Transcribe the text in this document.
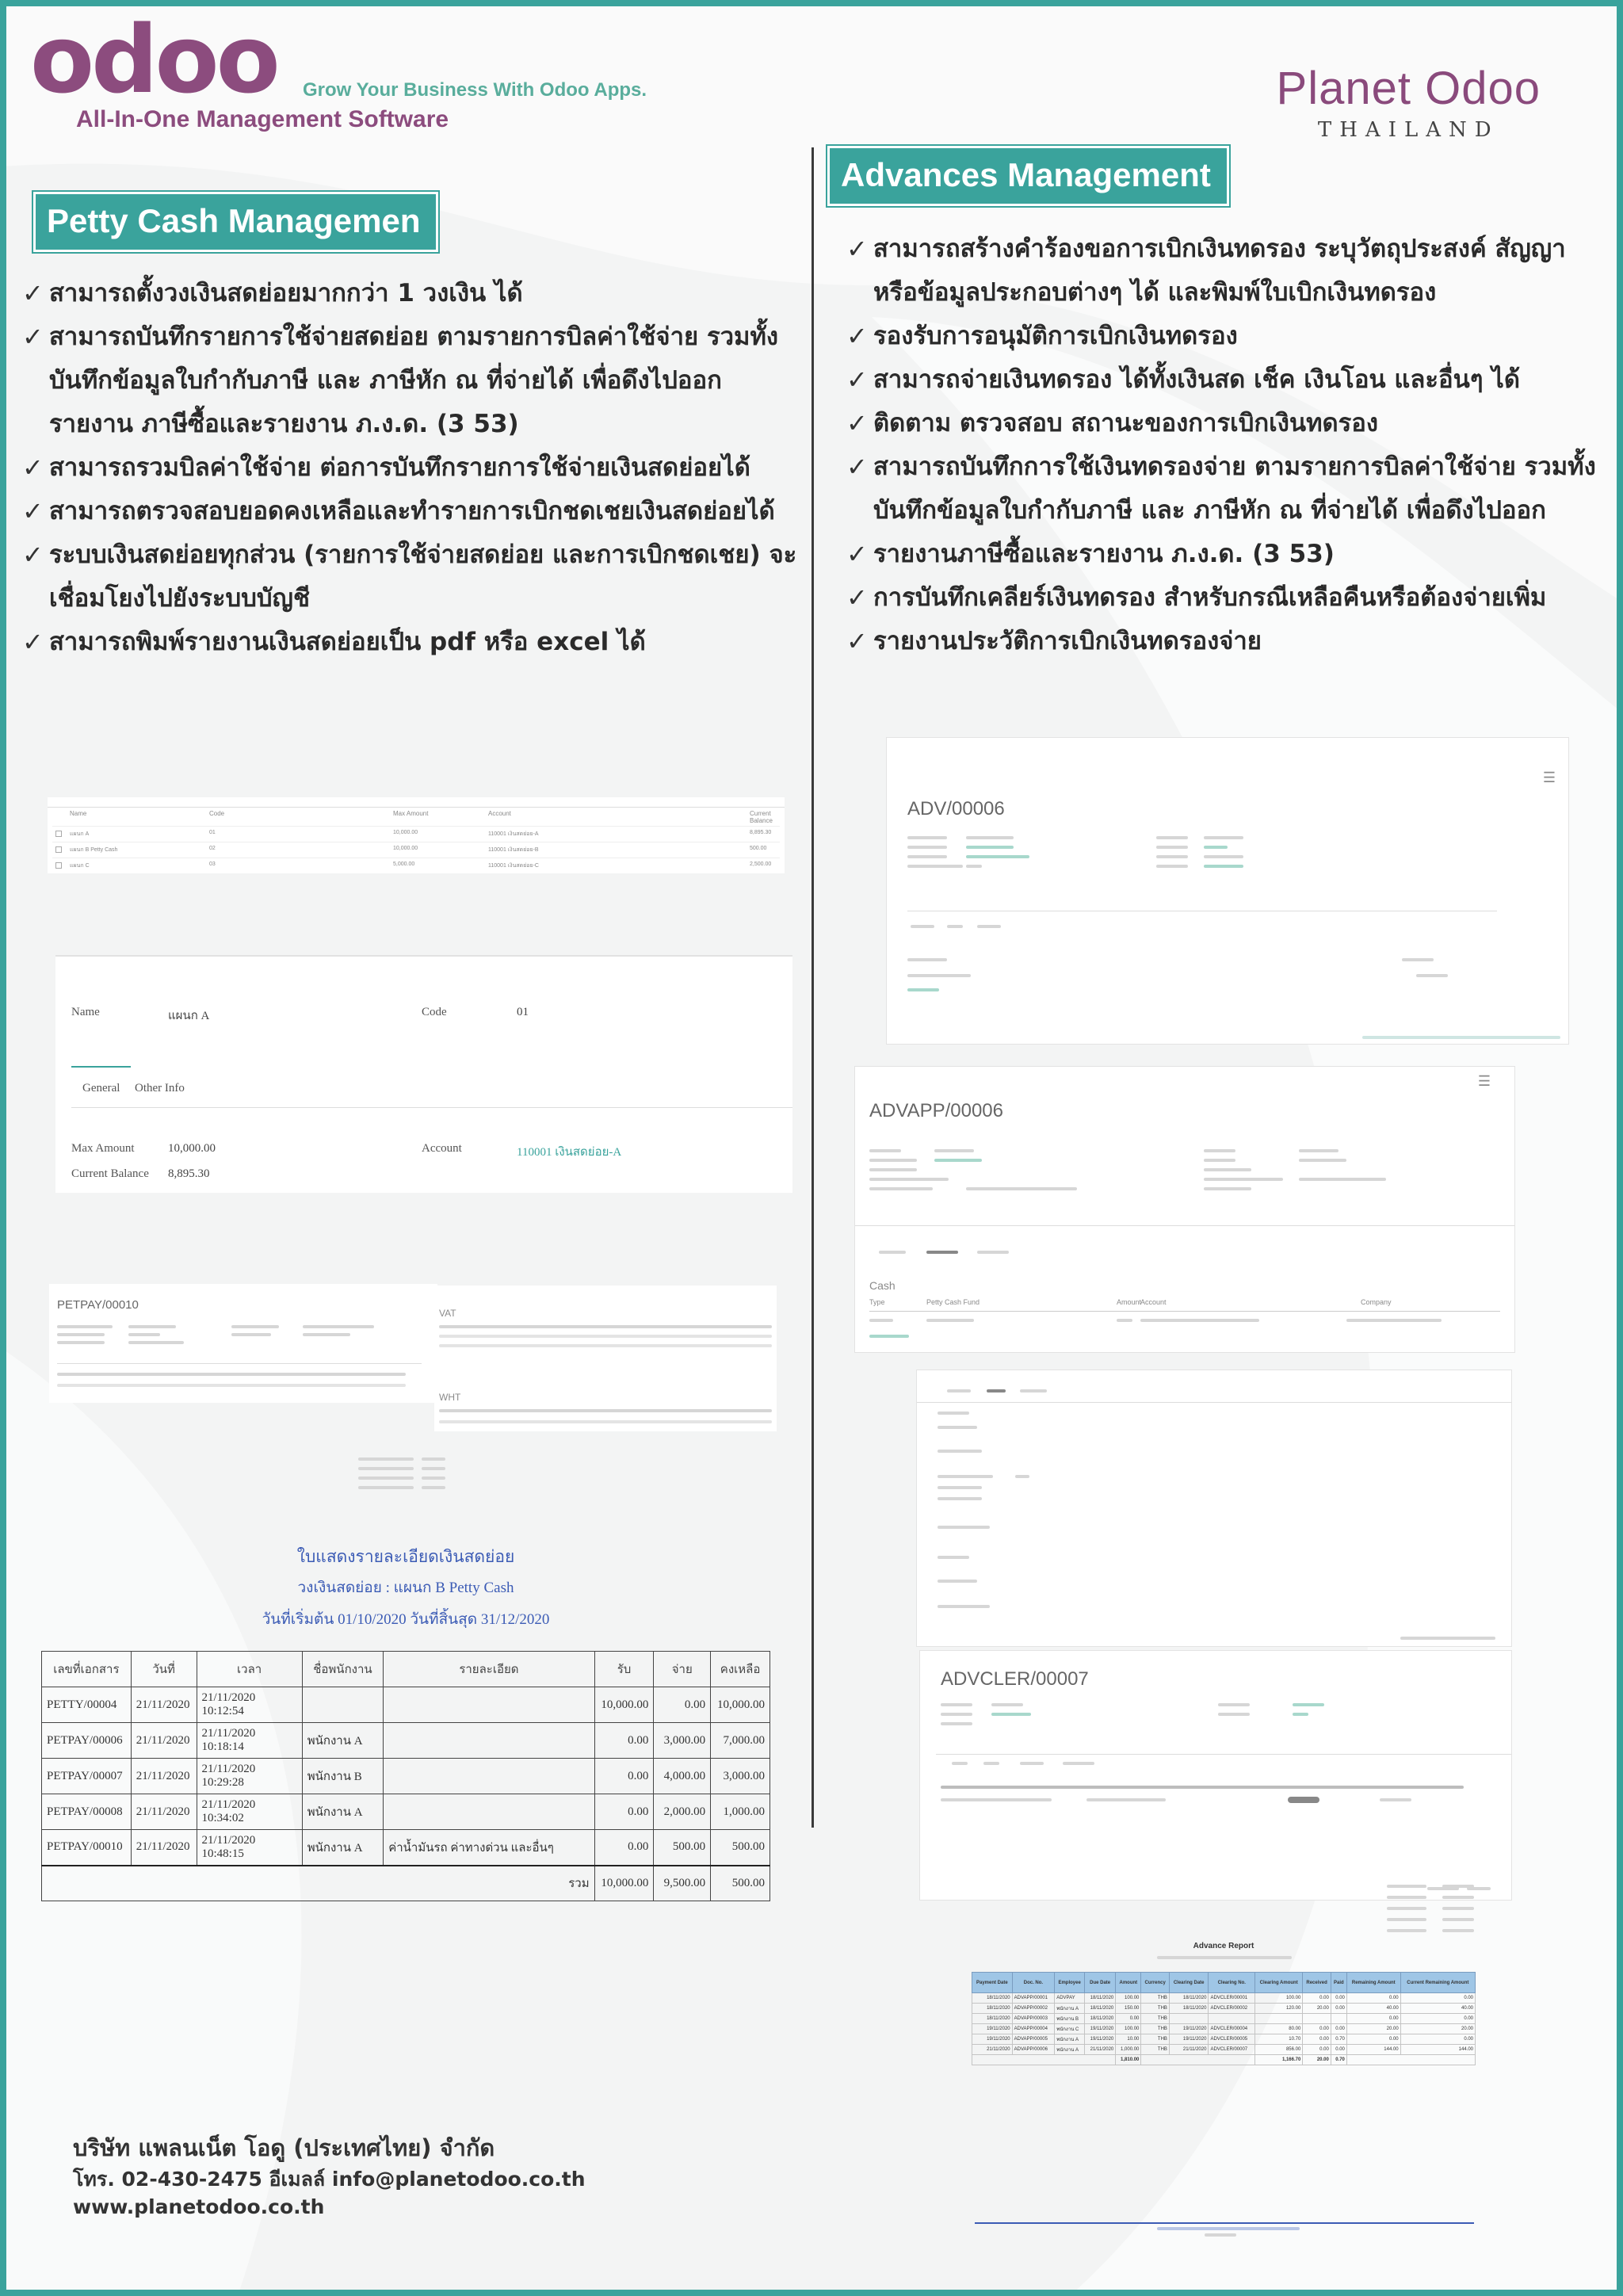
odoo Grow Your Business With Odoo Apps.
All-In-One Management Software
Planet Odoo
THAILAND
Petty Cash Managemen
✓ สามารถตั้งวงเงินสดย่อยมากกว่า 1 วงเงิน ได้
✓ สามารถบันทึกรายการใช้จ่ายสดย่อย ตามรายการบิลค่าใช้จ่าย รวมทั้ง บันทึกข้อมูลใบกำกับภาษี และ ภาษีหัก ณ ที่จ่ายได้ เพื่อดึงไปออกรายงาน ภาษีซื้อและรายงาน ภ.ง.ด. (3 53)
✓ สามารถรวมบิลค่าใช้จ่าย ต่อการบันทึกรายการใช้จ่ายเงินสดย่อยได้
✓ สามารถตรวจสอบยอดคงเหลือและทำรายการเบิกชดเชยเงินสดย่อยได้
✓ ระบบเงินสดย่อยทุกส่วน (รายการใช้จ่ายสดย่อย และการเบิกชดเชย) จะ เชื่อมโยงไปยังระบบบัญชี
✓ สามารถพิมพ์รายงานเงินสดย่อยเป็น pdf หรือ excel ได้
Name	Code	Max Amount	Account	Current Balance
แผนก A	01	10,000.00	110001 เงินสดย่อย-A	8,895.30
แผนก B Petty Cash	02	10,000.00	110001 เงินสดย่อย-B	500.00
แผนก C	03	5,000.00	110001 เงินสดย่อย-C	2,500.00
Name	แผนก A	Code	01
General Other Info
Max Amount	10,000.00
Current Balance 8,895.30
Account	110001 เงินสดย่อย-A
PETPAY/00010
VAT
WHT
ใบแสดงรายละเอียดเงินสดย่อย
วงเงินสดย่อย : แผนก B Petty Cash
วันที่เริ่มต้น 01/10/2020 วันที่สิ้นสุด 31/12/2020
เลขที่เอกสาร	วันที่	เวลา	ชื่อพนักงาน	รายละเอียด	รับ	จ่าย	คงเหลือ
PETTY/00004	21/11/2020	21/11/2020 10:12:54			10,000.00	0.00	10,000.00
PETPAY/00006	21/11/2020	21/11/2020 10:18:14	พนักงาน A		0.00	3,000.00	7,000.00
PETPAY/00007	21/11/2020	21/11/2020 10:29:28	พนักงาน B		0.00	4,000.00	3,000.00
PETPAY/00008	21/11/2020	21/11/2020 10:34:02	พนักงาน A		0.00	2,000.00	1,000.00
PETPAY/00010	21/11/2020	21/11/2020 10:48:15	พนักงาน A	ค่าน้ำมันรถ ค่าทางด่วน และอื่นๆ	0.00	500.00	500.00
รวม					10,000.00	9,500.00	500.00
Advances Management
✓ สามารถสร้างคำร้องขอการเบิกเงินทดรอง ระบุวัตถุประสงค์ สัญญา หรือข้อมูลประกอบต่างๆ ได้ และพิมพ์ใบเบิกเงินทดรอง
✓ รองรับการอนุมัติการเบิกเงินทดรอง
✓ สามารถจ่ายเงินทดรอง ได้ทั้งเงินสด เช็ค เงินโอน และอื่นๆ ได้
✓ ติดตาม ตรวจสอบ สถานะของการเบิกเงินทดรอง
✓ สามารถบันทึกการใช้เงินทดรองจ่าย ตามรายการบิลค่าใช้จ่าย รวมทั้ง บันทึกข้อมูลใบกำกับภาษี และ ภาษีหัก ณ ที่จ่ายได้ เพื่อดึงไปออก
✓ รายงานภาษีซื้อและรายงาน ภ.ง.ด. (3 53)
✓ การบันทึกเคลียร์เงินทดรอง สำหรับกรณีเหลือคืนหรือต้องจ่ายเพิ่ม
✓ รายงานประวัติการเบิกเงินทดรองจ่าย
☰
ADV/00006
☰
ADVAPP/00006
Cash
Type	Petty Cash Fund	Amount
Account	Company
ADVCLER/00007
Advance Report
Payment Date	Doc. No.	Employee	Due Date	Amount	Currency	Clearing Date	Clearing No.	Clearing Amount	Received	Paid	Remaining Amount	Current Remaining Amount
18/11/2020	ADVAPP/00001	ADVPAY	18/11/2020	100.00	THB	18/11/2020	ADVCLER/00001	100.00	0.00	0.00	0.00	0.00
18/11/2020	ADVAPP/00002	พนักงาน A	18/11/2020	150.00	THB	18/11/2020	ADVCLER/00002	120.00	20.00	0.00	40.00	40.00
18/11/2020	ADVAPP/00003	พนักงาน B	18/11/2020	0.00	THB						0.00	0.00
19/11/2020	ADVAPP/00004	พนักงาน C	19/11/2020	100.00	THB	19/11/2020	ADVCLER/00004	80.00	0.00	0.00	20.00	20.00
19/11/2020	ADVAPP/00005	พนักงาน A	19/11/2020	10.00	THB	19/11/2020	ADVCLER/00005	10.70	0.00	0.70	0.00	0.00
21/11/2020	ADVAPP/00006	พนักงาน A	21/11/2020	1,000.00	THB	21/11/2020	ADVCLER/00007	856.00	0.00	0.00	144.00	144.00
				1,810.00				1,166.70	20.00	0.70		
บริษัท แพลนเน็ต โอดู (ประเทศไทย) จำกัด
โทร. 02-430-2475 อีเมลล์ info@planetodoo.co.th
www.planetodoo.co.th
